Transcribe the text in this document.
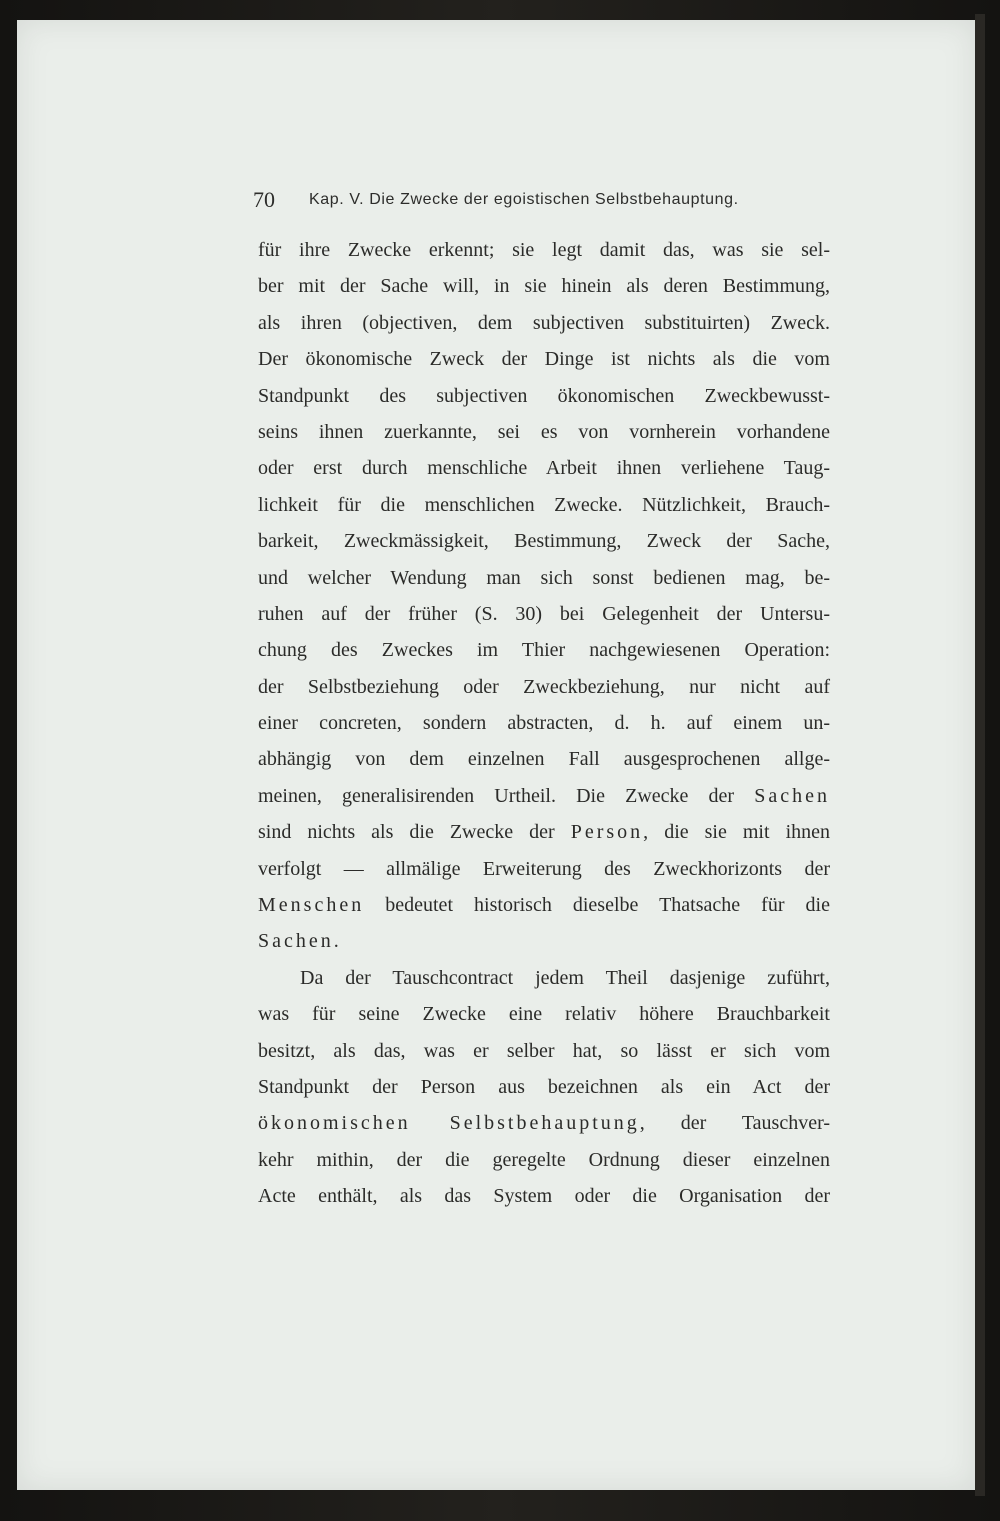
70 Kap. V. Die Zwecke der egoistischen Selbstbehauptung.
für ihre Zwecke erkennt; sie legt damit das, was sie sel-
ber mit der Sache will, in sie hinein als deren Bestimmung,
als ihren (objectiven, dem subjectiven substituirten) Zweck.
Der ökonomische Zweck der Dinge ist nichts als die vom
Standpunkt des subjectiven ökonomischen Zweckbewusst-
seins ihnen zuerkannte, sei es von vornherein vorhandene
oder erst durch menschliche Arbeit ihnen verliehene Taug-
lichkeit für die menschlichen Zwecke. Nützlichkeit, Brauch-
barkeit, Zweckmässigkeit, Bestimmung, Zweck der Sache,
und welcher Wendung man sich sonst bedienen mag, be-
ruhen auf der früher (S. 30) bei Gelegenheit der Untersu-
chung des Zweckes im Thier nachgewiesenen Operation:
der Selbstbeziehung oder Zweckbeziehung, nur nicht auf
einer concreten, sondern abstracten, d. h. auf einem un-
abhängig von dem einzelnen Fall ausgesprochenen allge-
meinen, generalisirenden Urtheil. Die Zwecke der Sachen
sind nichts als die Zwecke der Person, die sie mit ihnen
verfolgt — allmälige Erweiterung des Zweckhorizonts der
Menschen bedeutet historisch dieselbe Thatsache für die
Sachen.
Da der Tauschcontract jedem Theil dasjenige zuführt,
was für seine Zwecke eine relativ höhere Brauchbarkeit
besitzt, als das, was er selber hat, so lässt er sich vom
Standpunkt der Person aus bezeichnen als ein Act der
ökonomischen Selbstbehauptung, der Tauschver-
kehr mithin, der die geregelte Ordnung dieser einzelnen
Acte enthält, als das System oder die Organisation der
